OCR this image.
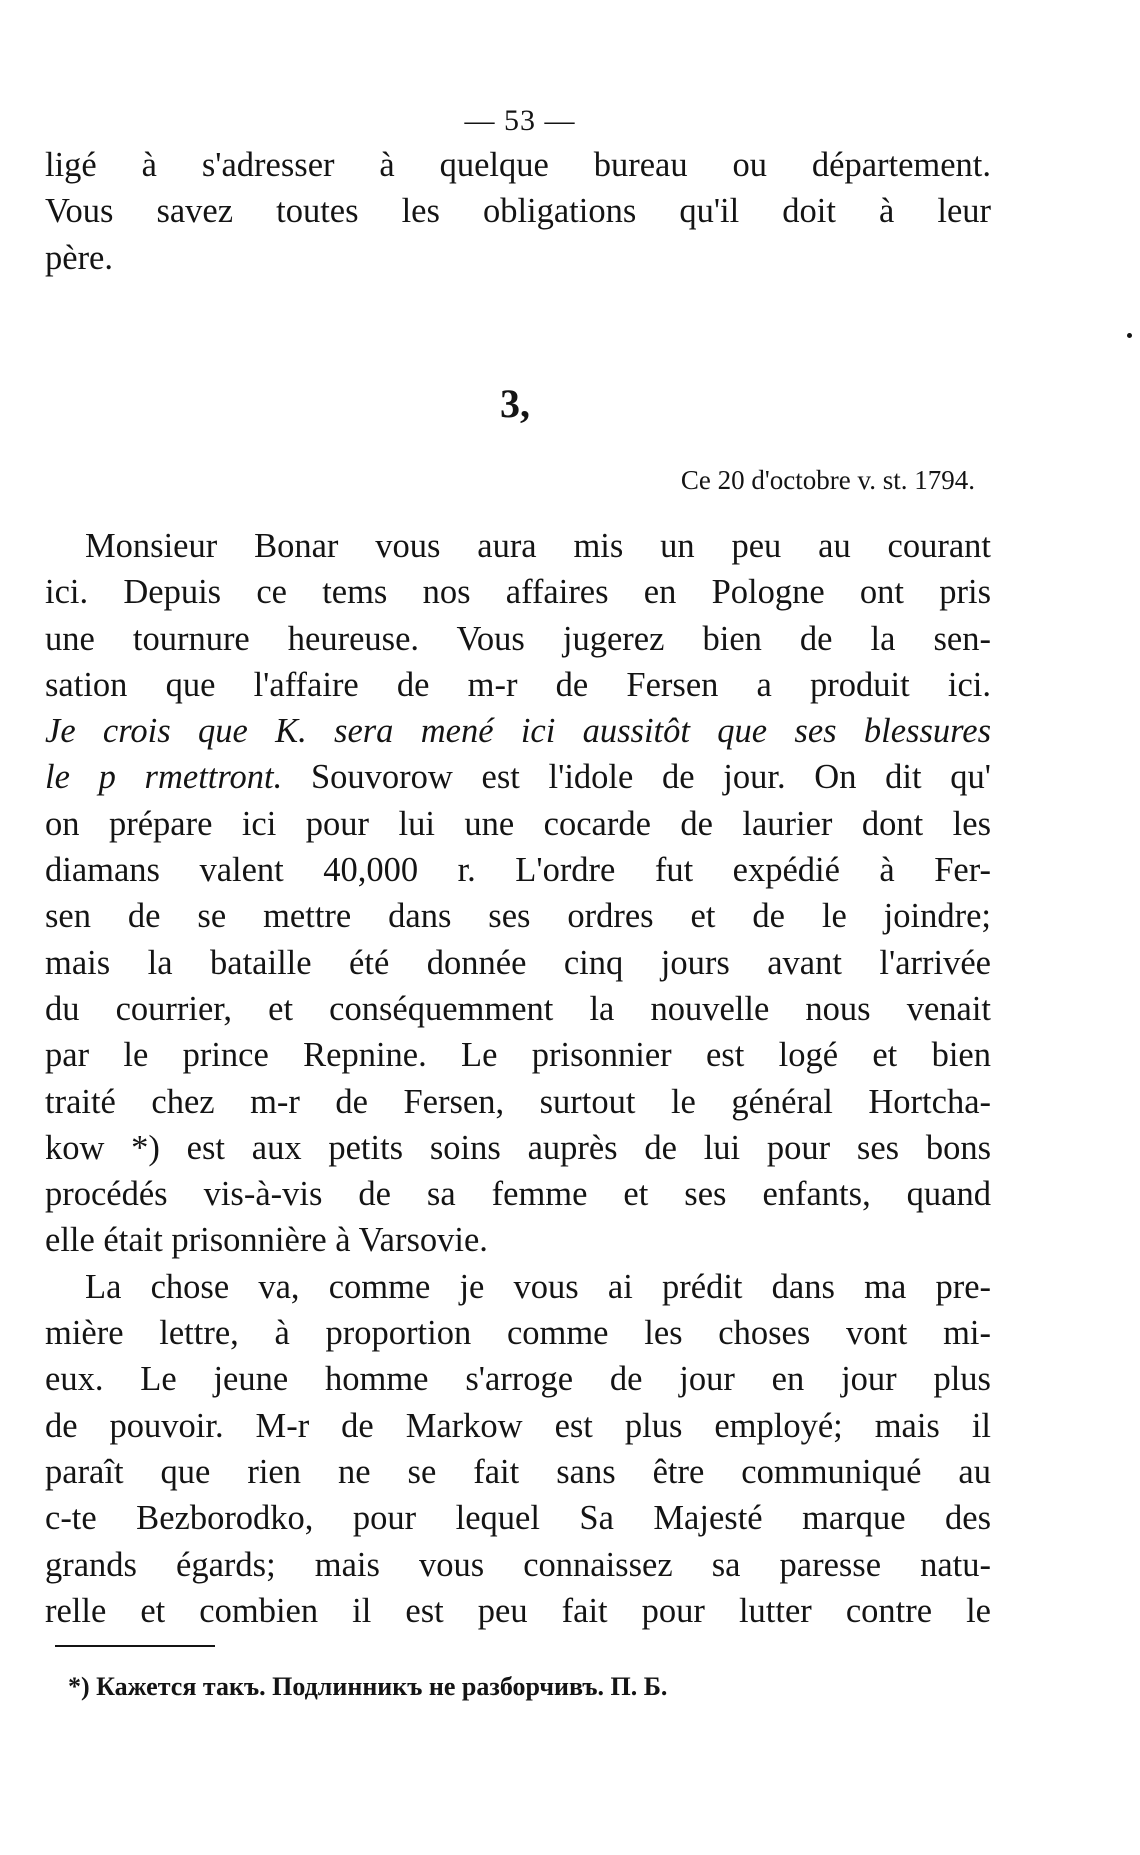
— 53 —
ligé à s'adresser à quelque bureau ou département.
Vous savez toutes les obligations qu'il doit à leur
père.
3,
Ce 20 d'octobre v. st. 1794.
Monsieur Bonar vous aura mis un peu au courant
ici. Depuis ce tems nos affaires en Pologne ont pris
une tournure heureuse. Vous jugerez bien de la sen-
sation que l'affaire de m-r de Fersen a produit ici.
Je crois que K. sera mené ici aussitôt que ses blessures
le p rmettront. Souvorow est l'idole de jour. On dit qu'
on prépare ici pour lui une cocarde de laurier dont les
diamans valent 40,000 r. L'ordre fut expédié à Fer-
sen de se mettre dans ses ordres et de le joindre;
mais la bataille été donnée cinq jours avant l'arrivée
du courrier, et conséquemment la nouvelle nous venait
par le prince Repnine. Le prisonnier est logé et bien
traité chez m-r de Fersen, surtout le général Hortcha-
kow *) est aux petits soins auprès de lui pour ses bons
procédés vis-à-vis de sa femme et ses enfants, quand
elle était prisonnière à Varsovie.
La chose va, comme je vous ai prédit dans ma pre-
mière lettre, à proportion comme les choses vont mi-
eux. Le jeune homme s'arroge de jour en jour plus
de pouvoir. M-r de Markow est plus employé; mais il
paraît que rien ne se fait sans être communiqué au
c-te Bezborodko, pour lequel Sa Majesté marque des
grands égards; mais vous connaissez sa paresse natu-
relle et combien il est peu fait pour lutter contre le
*) Кажется такъ. Подлинникъ не разборчивъ. П. Б.
